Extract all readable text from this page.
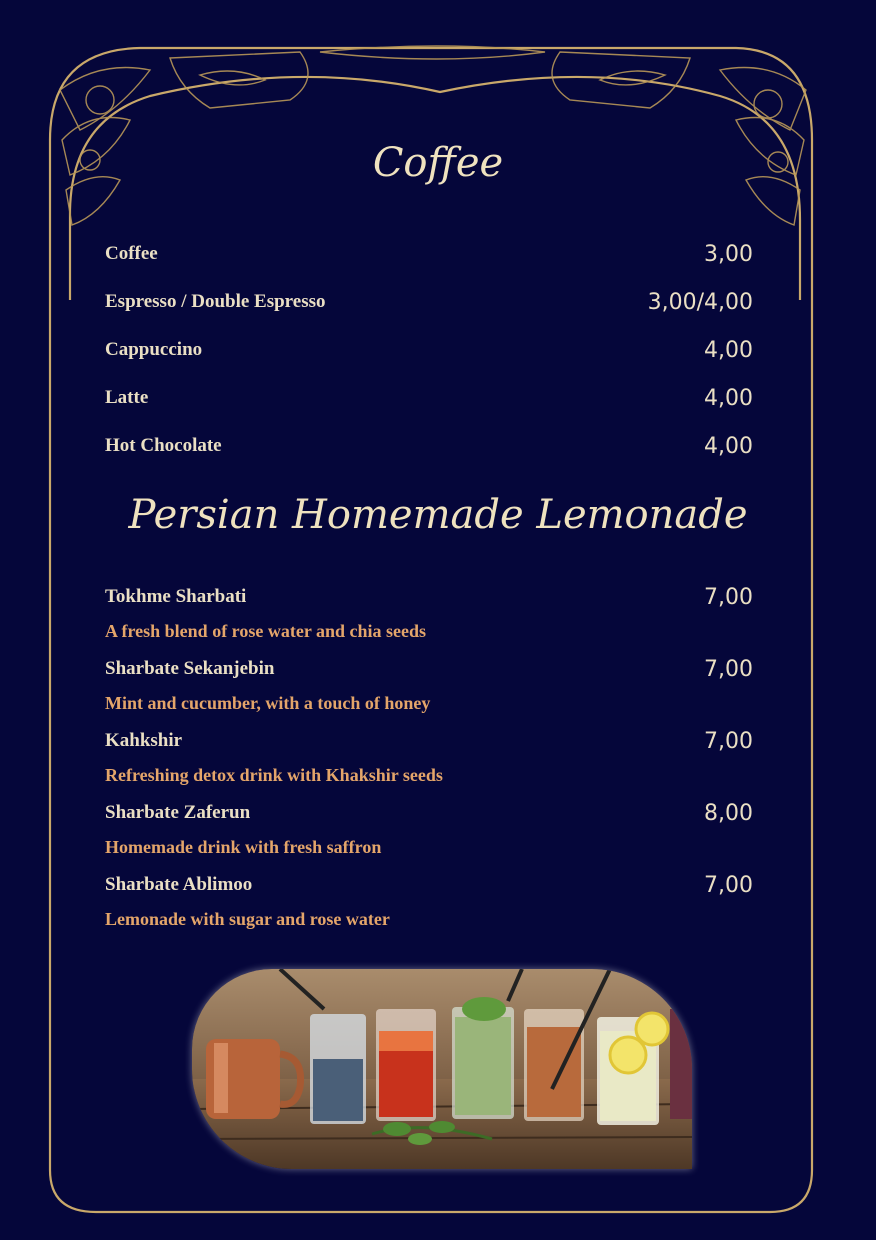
Coffee
Coffee	3,00
Espresso / Double Espresso	3,00/4,00
Cappuccino	4,00
Latte	4,00
Hot Chocolate	4,00
Persian Homemade Lemonade
Tokhme Sharbati	7,00
A fresh blend of rose water and chia seeds
Sharbate Sekanjebin	7,00
Mint and cucumber, with a touch of honey
Kahkshir	7,00
Refreshing detox drink with Khakshir seeds
Sharbate Zaferun	8,00
Homemade drink with fresh saffron
Sharbate Ablimoo	7,00
Lemonade with sugar and rose water
